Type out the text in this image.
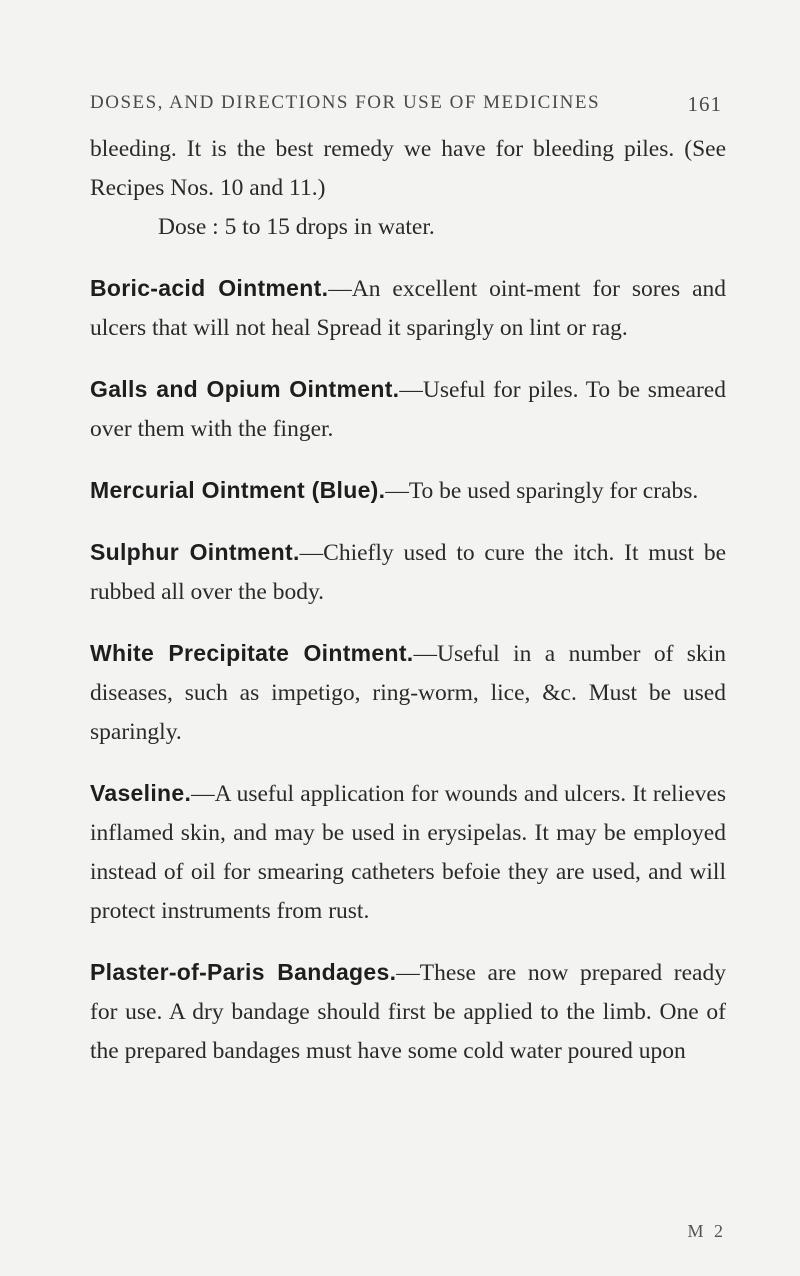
DOSES, AND DIRECTIONS FOR USE OF MEDICINES	161

bleeding. It is the best remedy we have for bleeding piles. (See Recipes Nos. 10 and 11.)

Dose : 5 to 15 drops in water.

Boric-acid Ointment.—An excellent oint-ment for sores and ulcers that will not heal Spread it sparingly on lint or rag.

Galls and Opium Ointment.—Useful for piles. To be smeared over them with the finger.

Mercurial Ointment (Blue).—To be used sparingly for crabs.

Sulphur Ointment.—Chiefly used to cure the itch. It must be rubbed all over the body.

White Precipitate Ointment.—Useful in a number of skin diseases, such as impetigo, ring-worm, lice, &c. Must be used sparingly.

Vaseline.—A useful application for wounds and ulcers. It relieves inflamed skin, and may be used in erysipelas. It may be employed instead of oil for smearing catheters befoie they are used, and will protect instruments from rust.

Plaster-of-Paris Bandages.—These are now prepared ready for use. A dry bandage should first be applied to the limb. One of the prepared bandages must have some cold water poured upon

M 2
